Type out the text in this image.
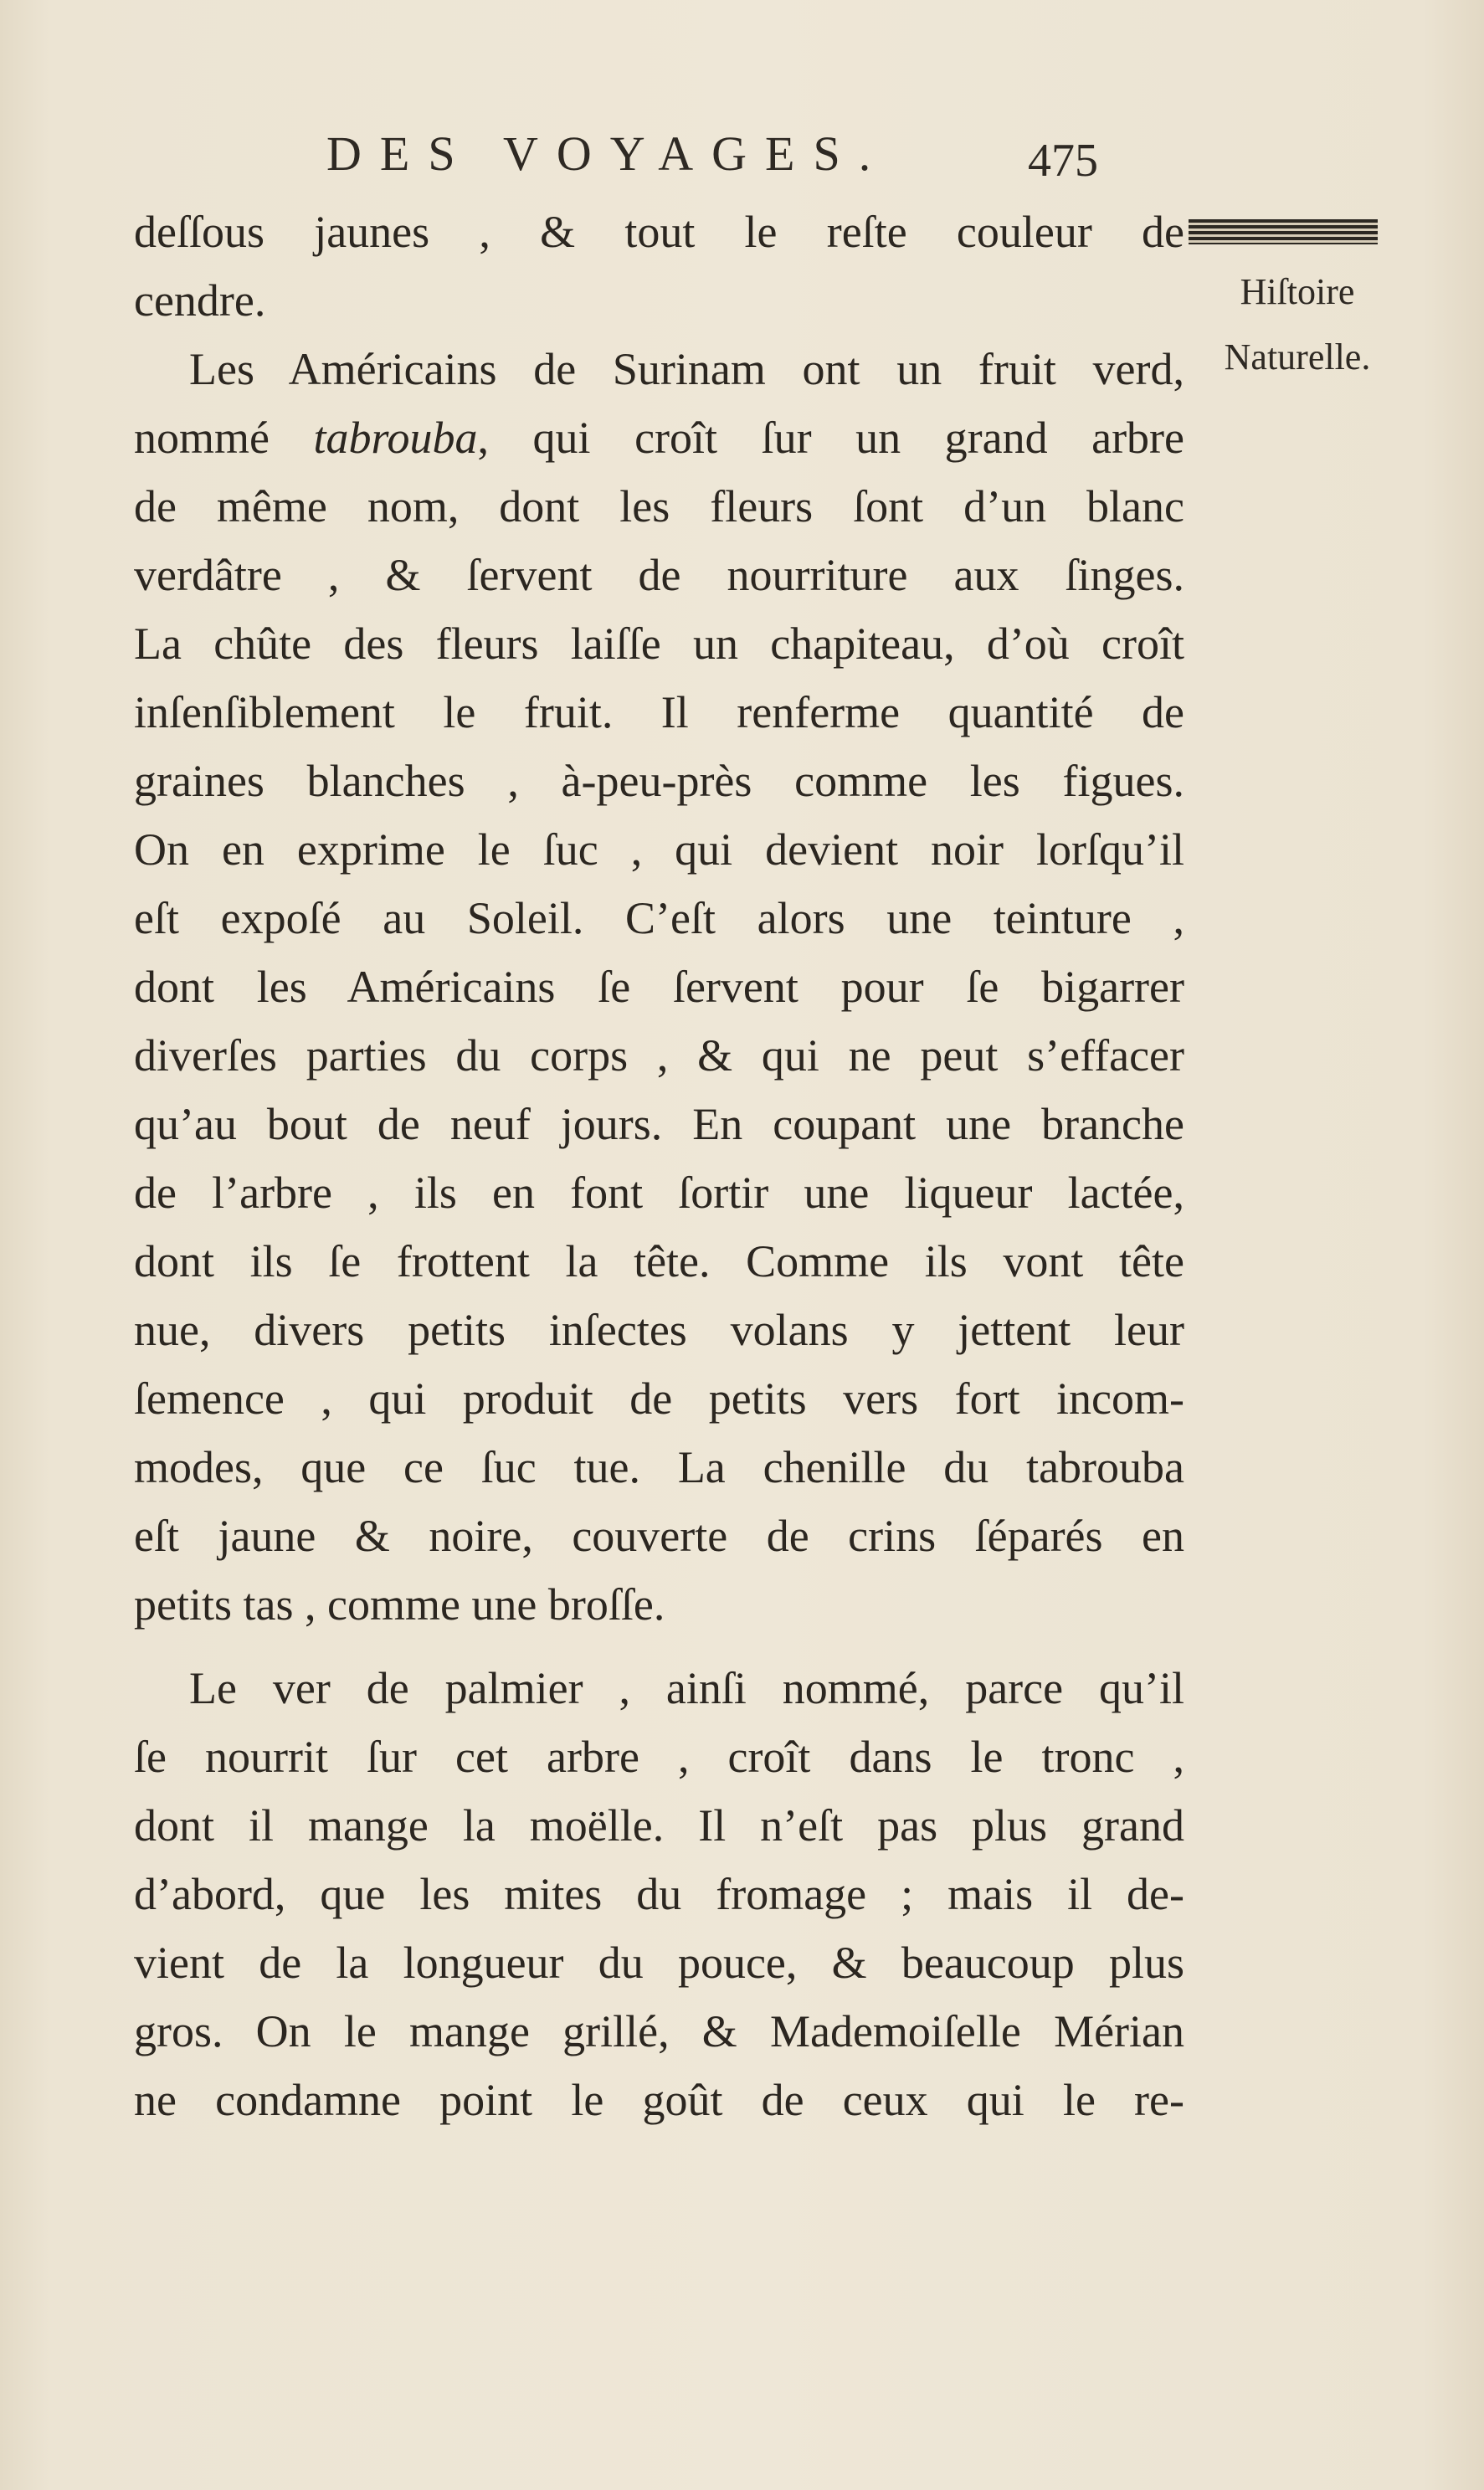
DES VOYAGES.	475
Hiſtoire
Naturelle.
deſſous jaunes , & tout le reſte couleur de
cendre.
Les Américains de Surinam ont un fruit verd,
nommé tabrouba, qui croît ſur un grand arbre
de même nom, dont les fleurs ſont d’un blanc
verdâtre , & ſervent de nourriture aux ſinges.
La chûte des fleurs laiſſe un chapiteau, d’où croît
inſenſiblement le fruit. Il renferme quantité de
graines blanches , à-peu-près comme les figues.
On en exprime le ſuc , qui devient noir lorſqu’il
eſt expoſé au Soleil. C’eſt alors une teinture ,
dont les Américains ſe ſervent pour ſe bigarrer
diverſes parties du corps , & qui ne peut s’effacer
qu’au bout de neuf jours. En coupant une branche
de l’arbre , ils en font ſortir une liqueur lactée,
dont ils ſe frottent la tête. Comme ils vont tête
nue, divers petits inſectes volans y jettent leur
ſemence , qui produit de petits vers fort incom-
modes, que ce ſuc tue. La chenille du tabrouba
eſt jaune & noire, couverte de crins ſéparés en
petits tas , comme une broſſe.
Le ver de palmier , ainſi nommé, parce qu’il
ſe nourrit ſur cet arbre , croît dans le tronc ,
dont il mange la moëlle. Il n’eſt pas plus grand
d’abord, que les mites du fromage ; mais il de-
vient de la longueur du pouce, & beaucoup plus
gros. On le mange grillé, & Mademoiſelle Mérian
ne condamne point le goût de ceux qui le re-
